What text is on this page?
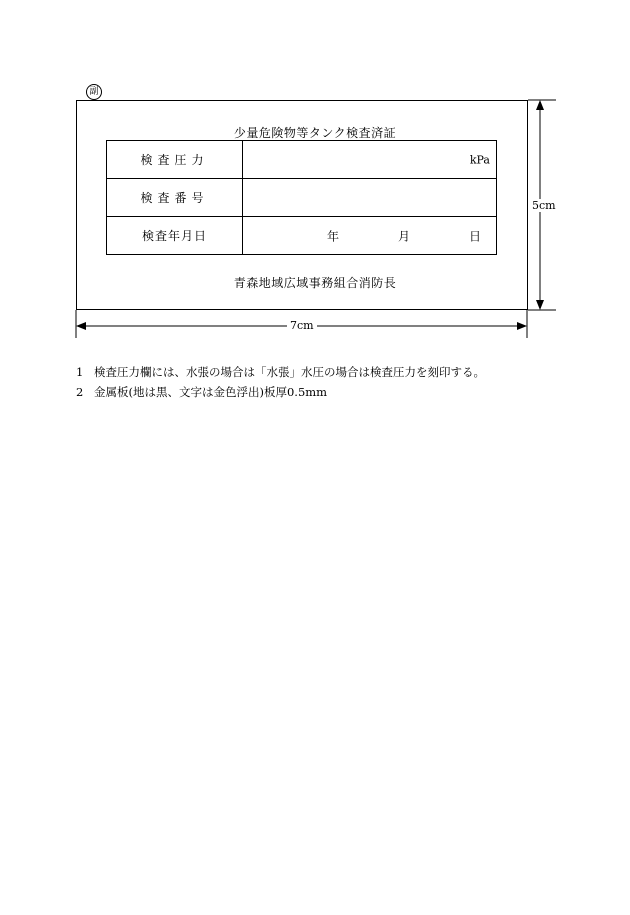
副
少量危険物等タンク検査済証
検査圧力	kPa

検査番号	
検査年月日	年 月 日
青森地域広域事務組合消防長
5cm
7cm
1 検査圧力欄には、水張の場合は「水張」水圧の場合は検査圧力を刻印する。
2 金属板(地は黒、文字は金色浮出)板厚0.5mm
